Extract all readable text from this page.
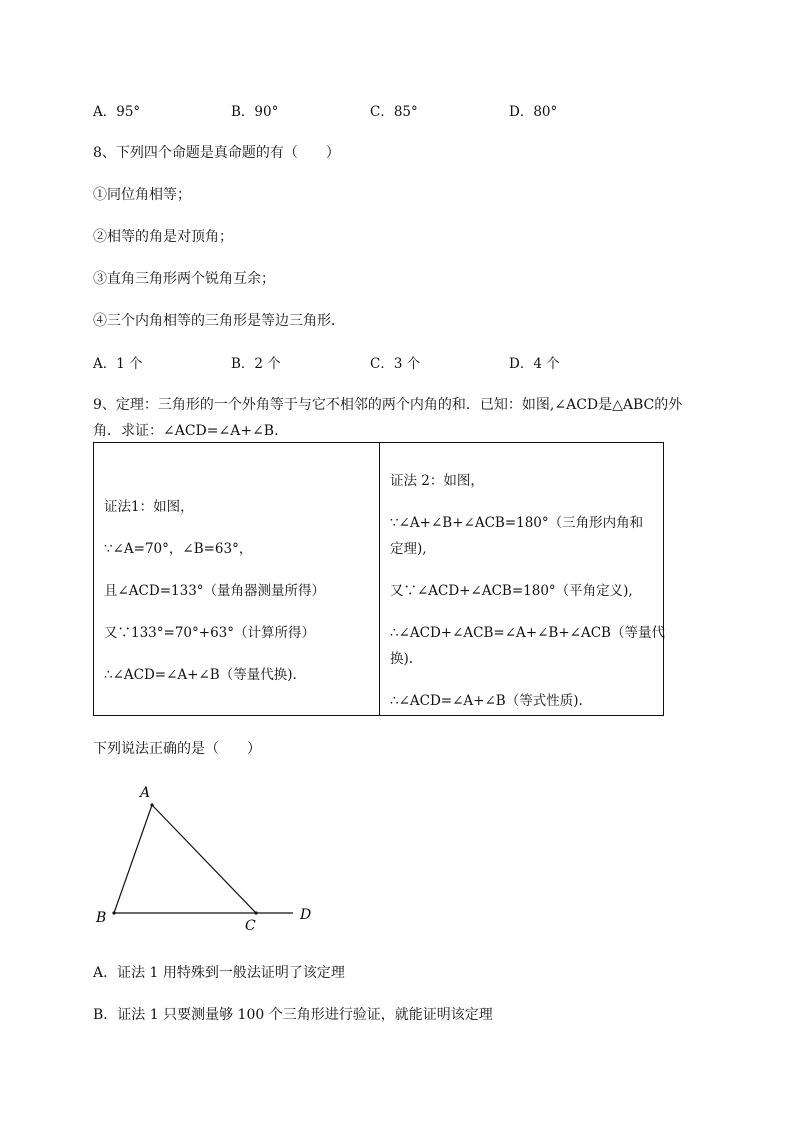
A．95°	B．90°	C．85°	D．80°
8、下列四个命题是真命题的有（　　）
①同位角相等；
②相等的角是对顶角；
③直角三角形两个锐角互余；
④三个内角相等的三角形是等边三角形．
A．1 个	B．2 个	C．3 个	D．4 个
9、定理：三角形的一个外角等于与它不相邻的两个内角的和．已知：如图,∠ACD是△ABC的外
角．求证：∠ACD=∠A+∠B.
证法1：如图，
∵∠A=70°，∠B=63°，
且∠ACD=133°（量角器测量所得）
又∵133°=70°+63°（计算所得）
∴∠ACD=∠A+∠B（等量代换).

证法 2：如图，
∵∠A+∠B+∠ACB=180°（三角形内角和
定理),
又∵∠ACD+∠ACB=180°（平角定义),
∴∠ACD+∠ACB=∠A+∠B+∠ACB（等量代
换).
∴∠ACD=∠A+∠B（等式性质).
下列说法正确的是（　　）
A
B	C
D
A．证法 1 用特殊到一般法证明了该定理
B．证法 1 只要测量够 100 个三角形进行验证，就能证明该定理
